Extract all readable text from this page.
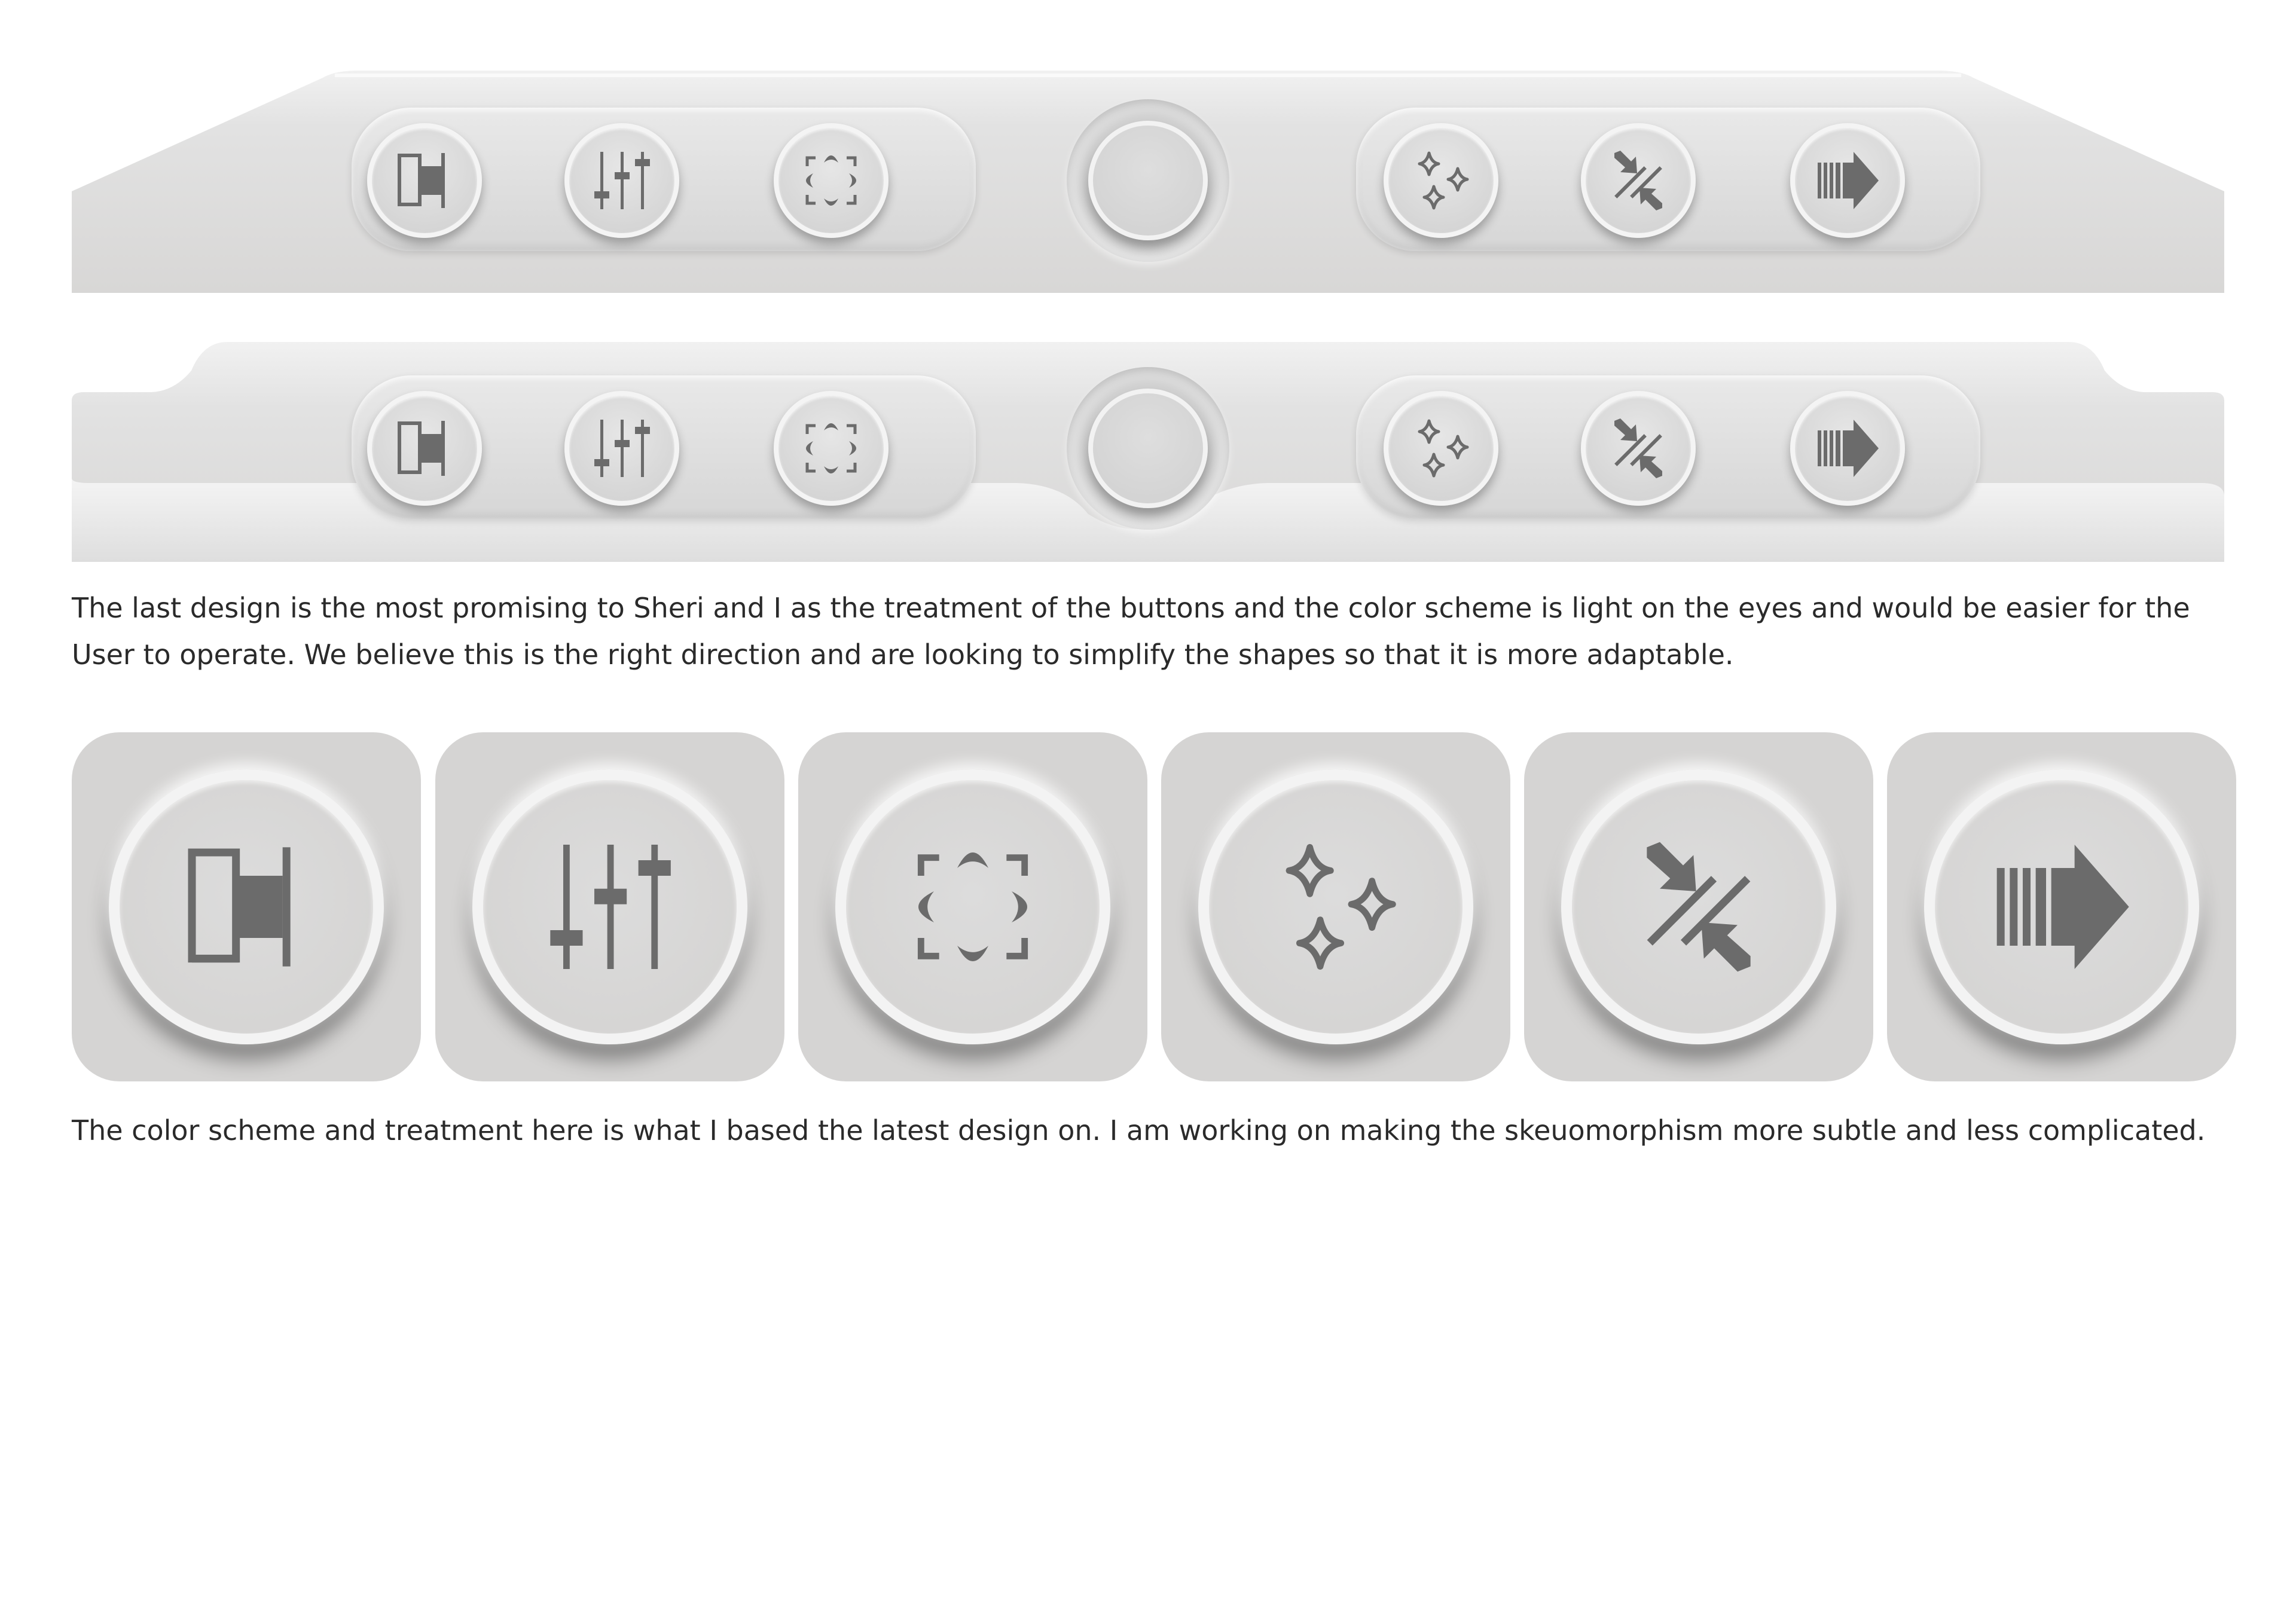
The last design is the most promising to Sheri and I as the treatment of the buttons and the color scheme is light on the eyes and would be easier for the User to operate. We believe this is the right direction and are looking to simplify the shapes so that it is more adaptable.

The color scheme and treatment here is what I based the latest design on. I am working on making the skeuomorphism more subtle and less complicated.
